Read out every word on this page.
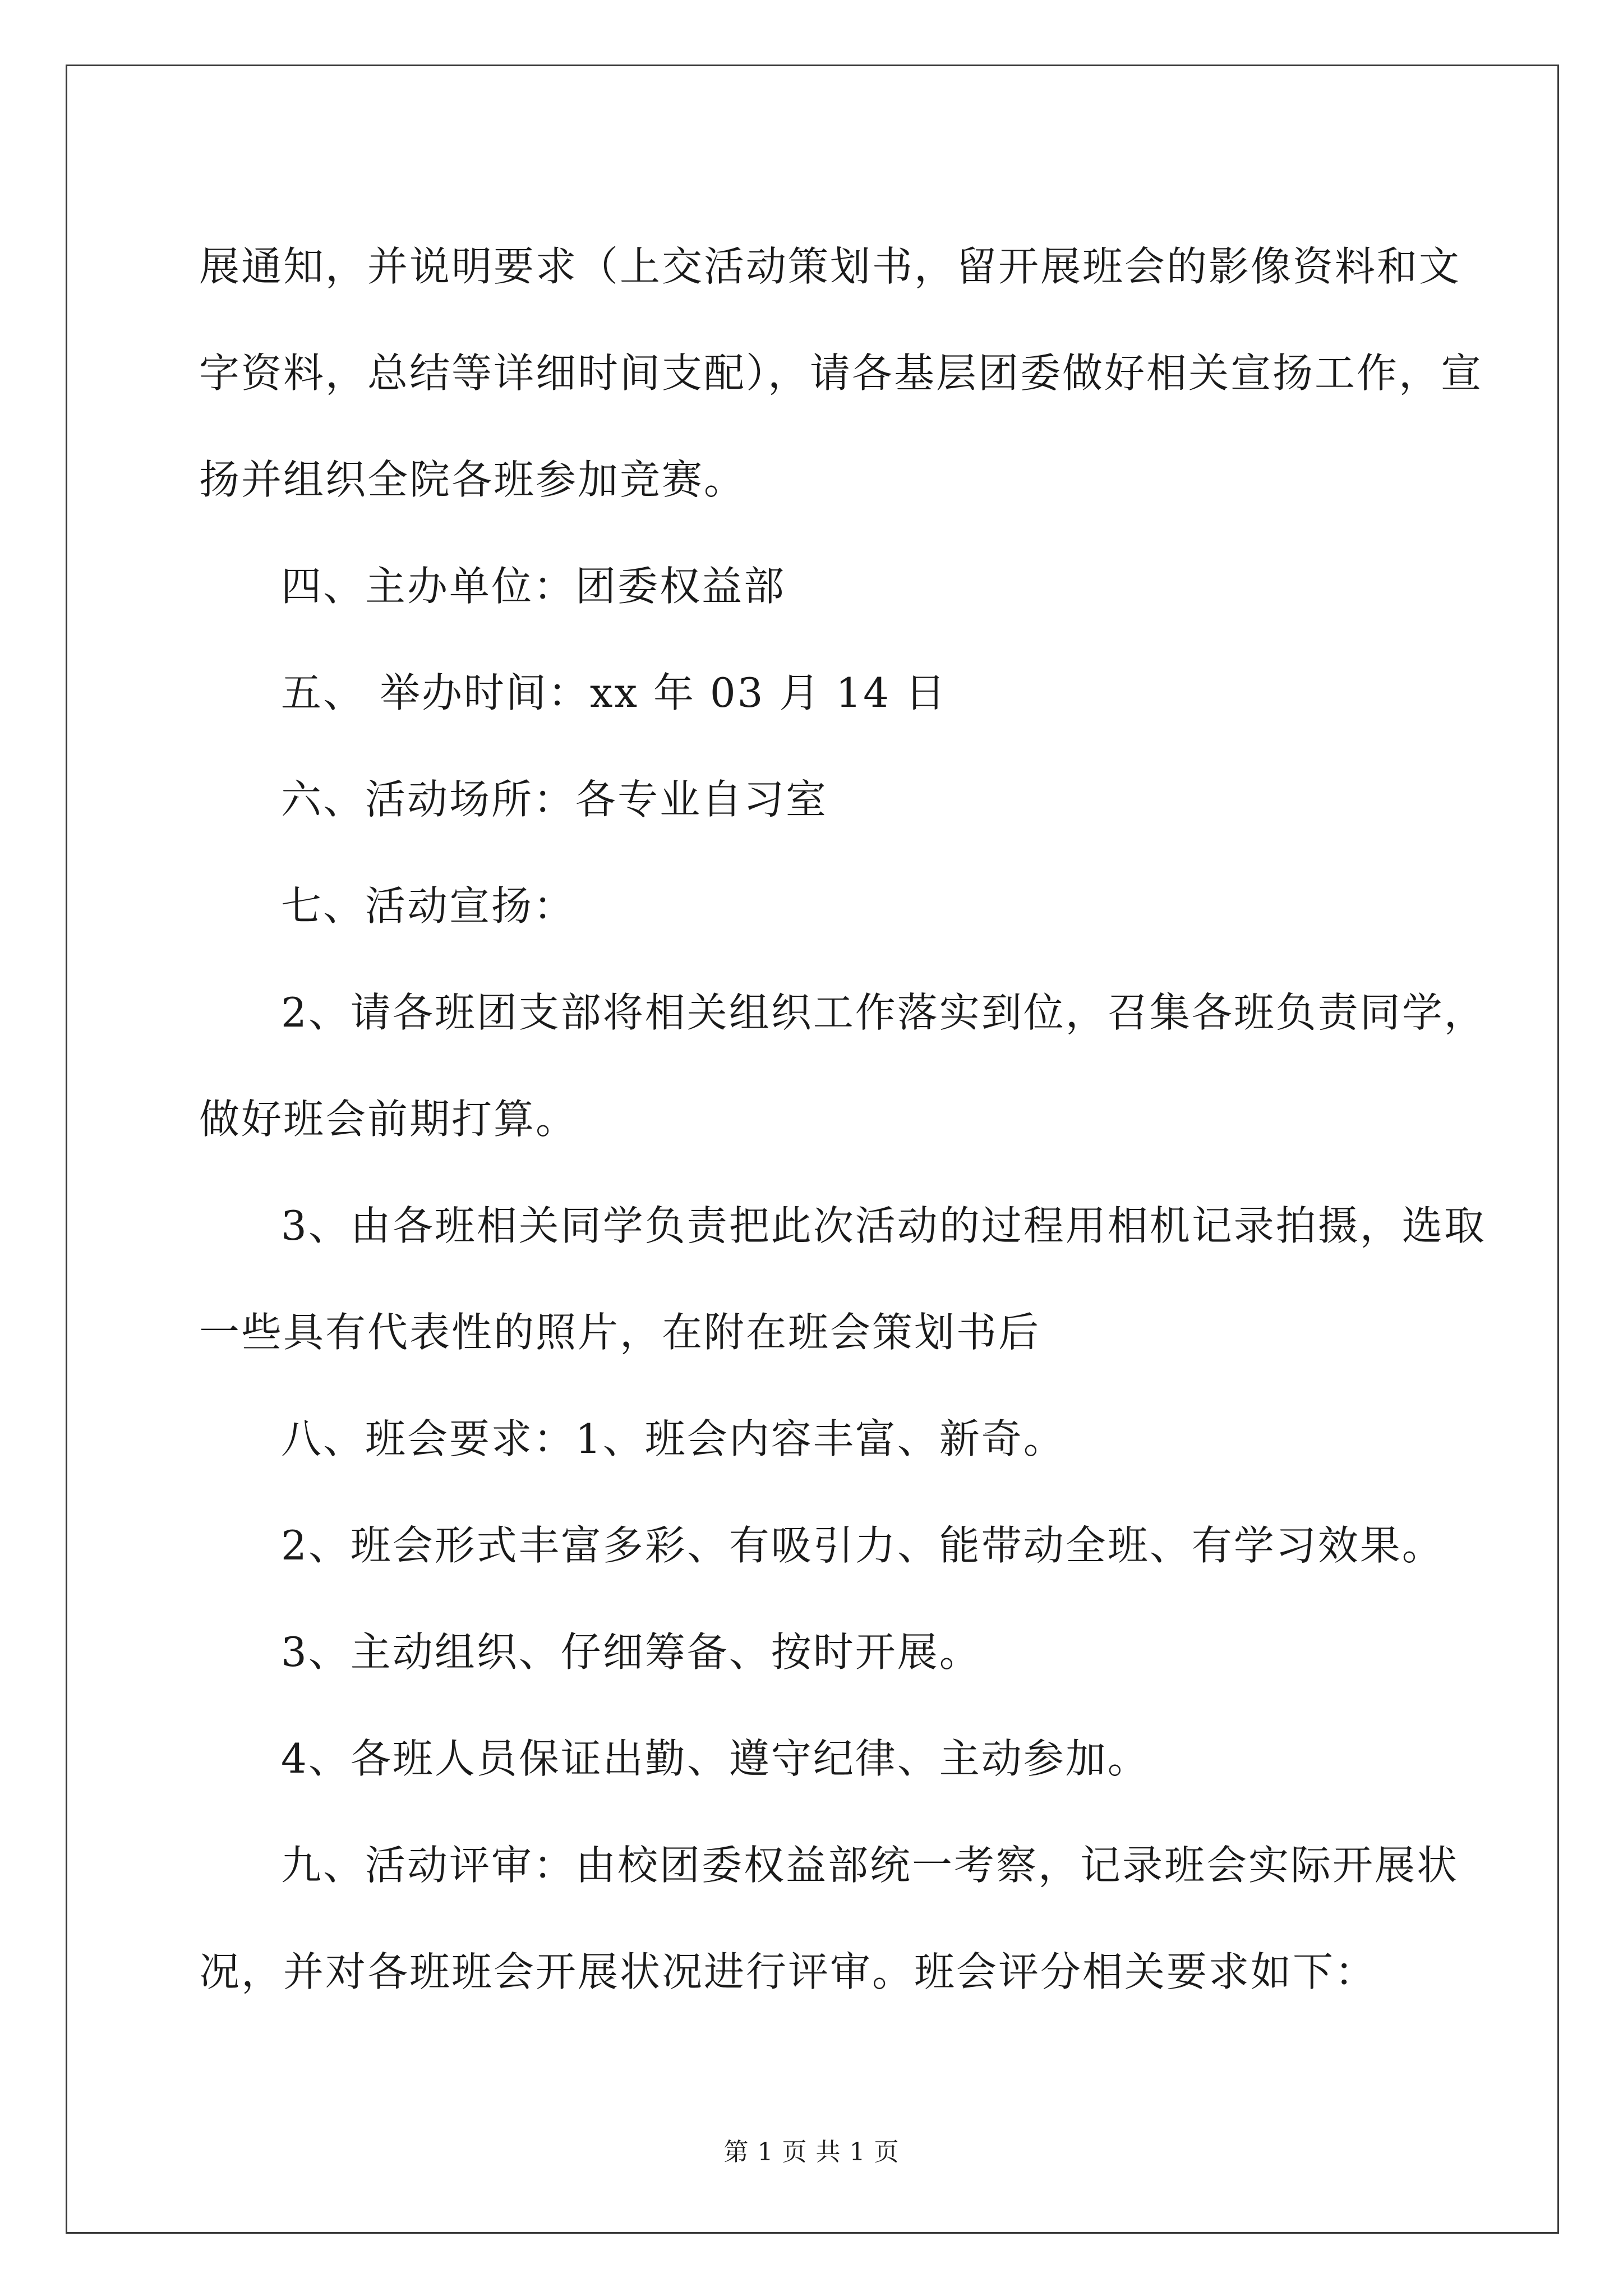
展通知，并说明要求（上交活动策划书，留开展班会的影像资料和文

字资料，总结等详细时间支配），请各基层团委做好相关宣扬工作，宣

扬并组织全院各班参加竞赛。

四、主办单位：团委权益部

五、 举办时间：xx 年 03 月 14 日

六、活动场所：各专业自习室

七、活动宣扬：

2、请各班团支部将相关组织工作落实到位，召集各班负责同学，

做好班会前期打算。

3、由各班相关同学负责把此次活动的过程用相机记录拍摄，选取

一些具有代表性的照片，在附在班会策划书后

八、班会要求：1、班会内容丰富、新奇。

2、班会形式丰富多彩、有吸引力、能带动全班、有学习效果。

3、主动组织、仔细筹备、按时开展。

4、各班人员保证出勤、遵守纪律、主动参加。

九、活动评审：由校团委权益部统一考察，记录班会实际开展状

况，并对各班班会开展状况进行评审。班会评分相关要求如下：

第 1 页 共 1 页
